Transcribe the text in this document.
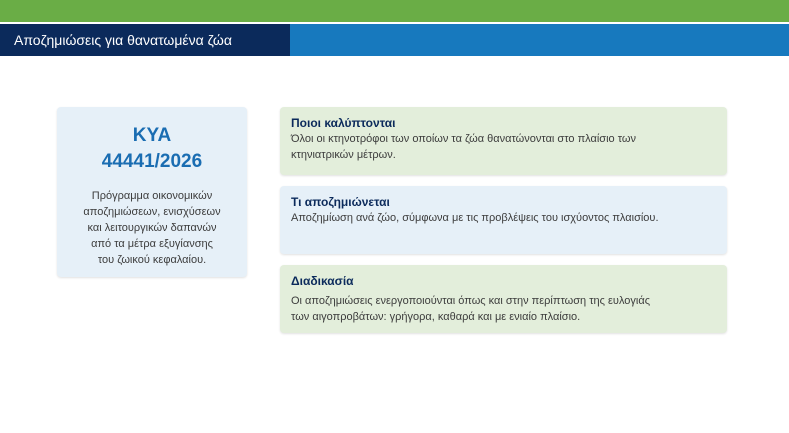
Αποζημιώσεις για θανατωμένα ζώα
ΚΥΑ
44441/2026
Πρόγραμμα οικονομικών
αποζημιώσεων, ενισχύσεων
και λειτουργικών δαπανών
από τα μέτρα εξυγίανσης
του ζωικού κεφαλαίου.
Ποιοι καλύπτονται
Όλοι οι κτηνοτρόφοι των οποίων τα ζώα θανατώνονται στο πλαίσιο των
κτηνιατρικών μέτρων.
Τι αποζημιώνεται
Αποζημίωση ανά ζώο, σύμφωνα με τις προβλέψεις του ισχύοντος πλαισίου.
Διαδικασία
Οι αποζημιώσεις ενεργοποιούνται όπως και στην περίπτωση της ευλογιάς
των αιγοπροβάτων: γρήγορα, καθαρά και με ενιαίο πλαίσιο.
